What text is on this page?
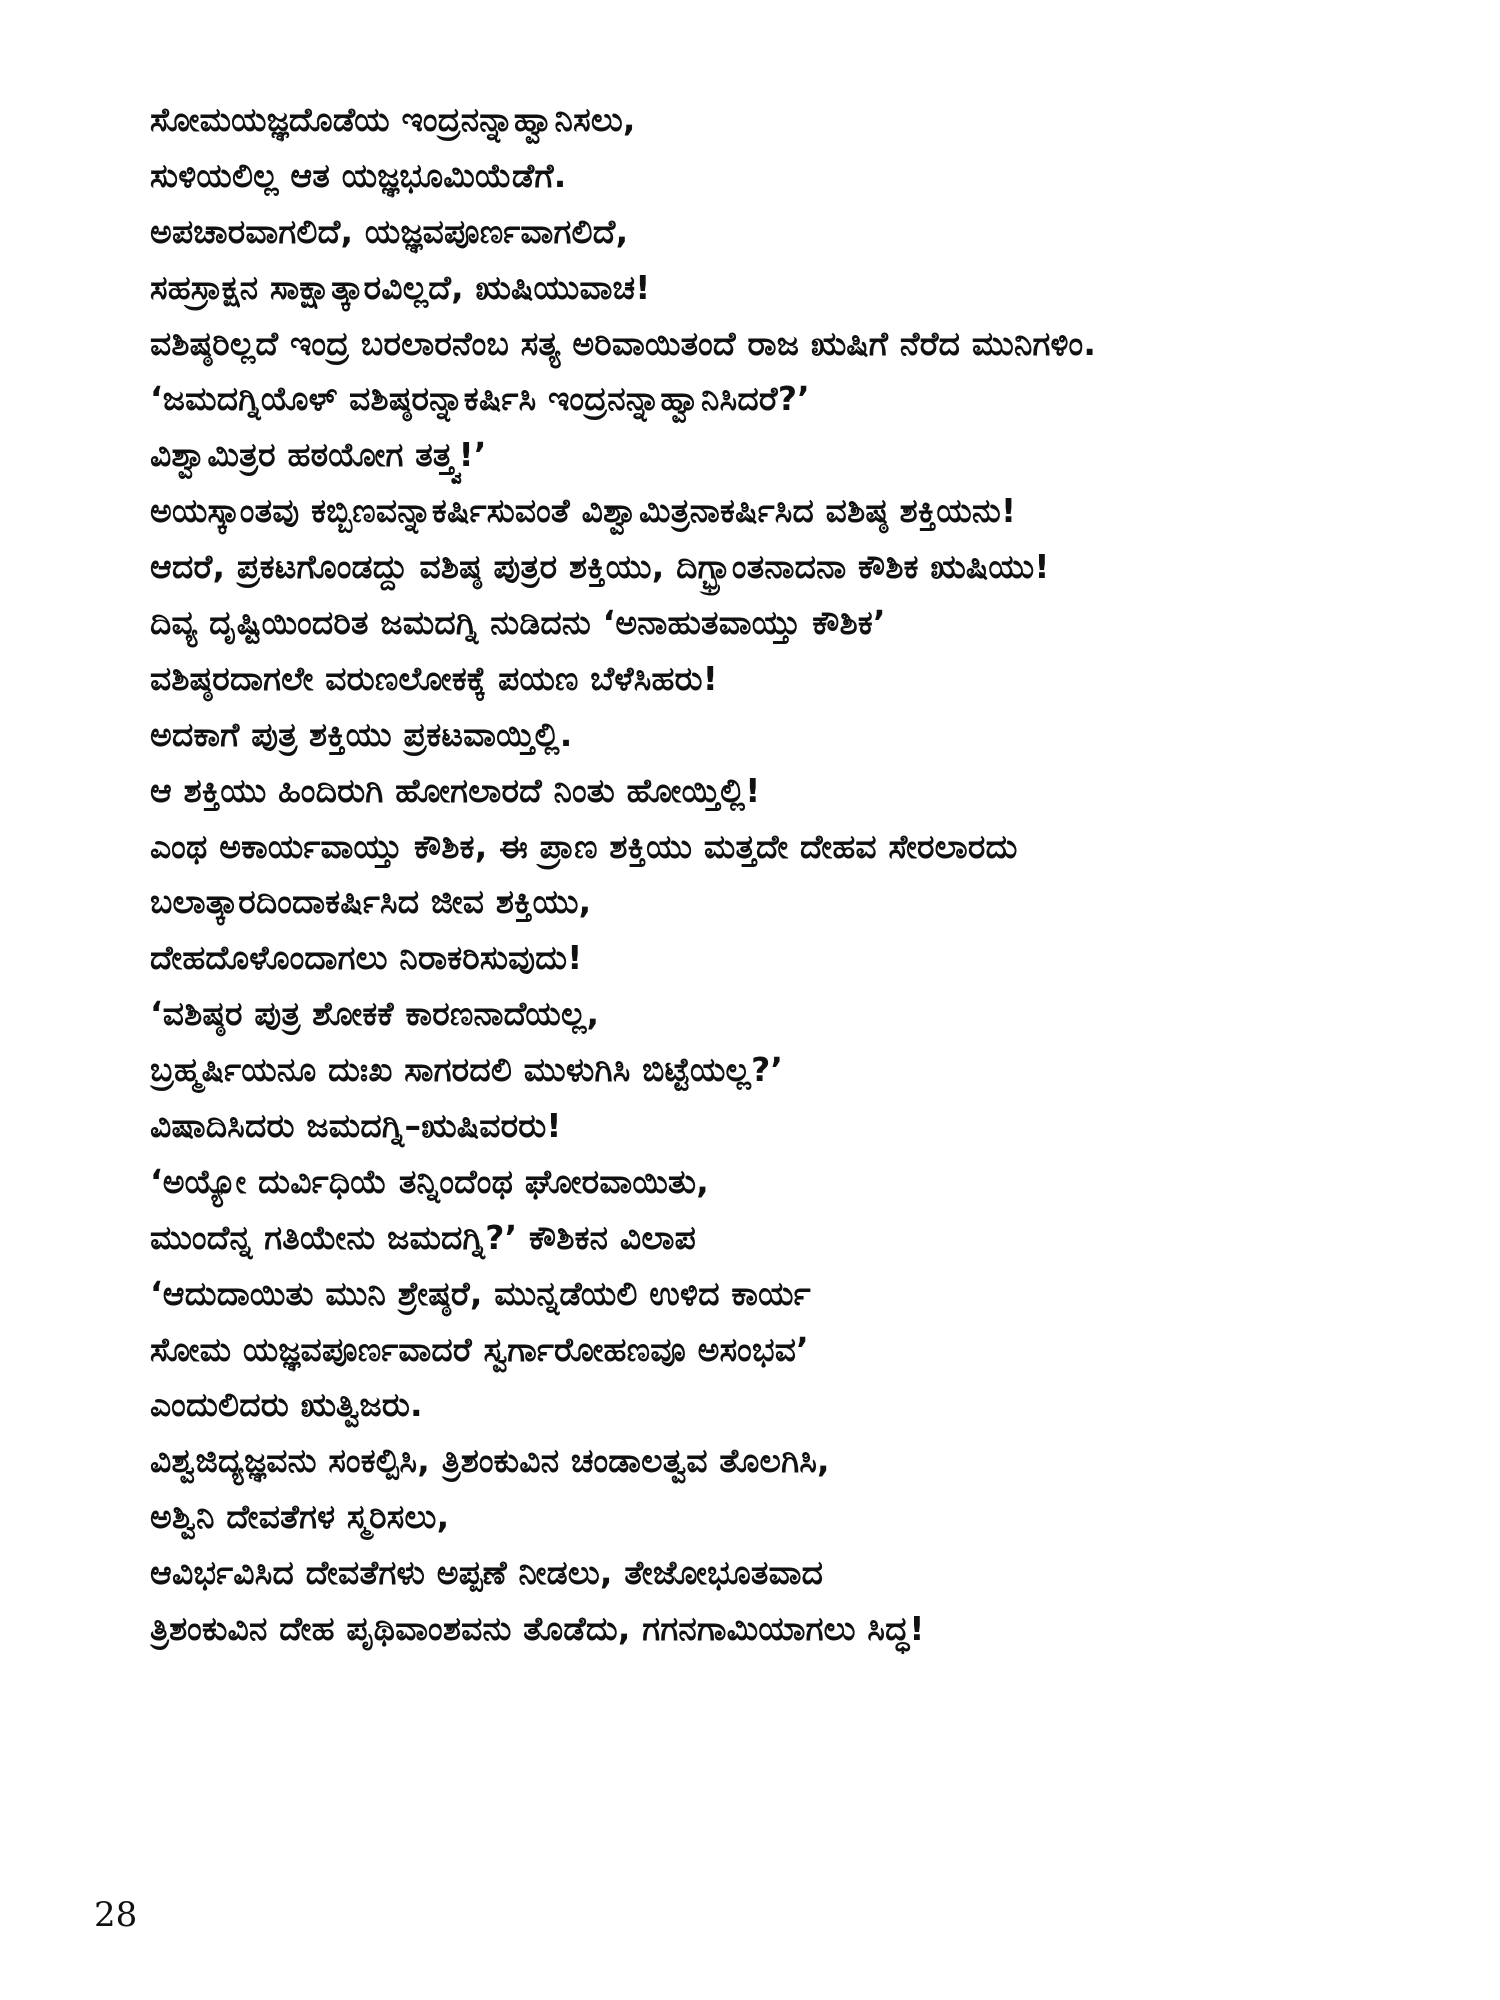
ಸೋಮಯಜ್ಞದೊಡೆಯ ಇಂದ್ರನನ್ನಾಹ್ವಾನಿಸಲು,
ಸುಳಿಯಲಿಲ್ಲ ಆತ ಯಜ್ಞಭೂಮಿಯೆಡೆಗೆ.
ಅಪಚಾರವಾಗಲಿದೆ, ಯಜ್ಞವಪೂರ್ಣವಾಗಲಿದೆ,
ಸಹಸ್ರಾಕ್ಷನ ಸಾಕ್ಷಾತ್ಕಾರವಿಲ್ಲದೆ, ಋಷಿಯುವಾಚ!
ವಶಿಷ್ಠರಿಲ್ಲದೆ ಇಂದ್ರ ಬರಲಾರನೆಂಬ ಸತ್ಯ ಅರಿವಾಯಿತಂದೆ ರಾಜ ಋಷಿಗೆ ನೆರೆದ ಮುನಿಗಳಿಂ.
‘ಜಮದಗ್ನಿಯೊಳ್ ವಶಿಷ್ಠರನ್ನಾಕರ್ಷಿಸಿ ಇಂದ್ರನನ್ನಾಹ್ವಾನಿಸಿದರೆ?’
ವಿಶ್ವಾಮಿತ್ರರ ಹಠಯೋಗ ತತ್ತ್ವ!’
ಅಯಸ್ಕಾಂತವು ಕಬ್ಬಿಣವನ್ನಾಕರ್ಷಿಸುವಂತೆ ವಿಶ್ವಾಮಿತ್ರನಾಕರ್ಷಿಸಿದ ವಶಿಷ್ಠ ಶಕ್ತಿಯನು!
ಆದರೆ, ಪ್ರಕಟಗೊಂಡದ್ದು ವಶಿಷ್ಠ ಪುತ್ರರ ಶಕ್ತಿಯು, ದಿಗ್ಭ್ರಾಂತನಾದನಾ ಕೌಶಿಕ ಋಷಿಯು!
ದಿವ್ಯ ದೃಷ್ಟಿಯಿಂದರಿತ ಜಮದಗ್ನಿ ನುಡಿದನು ‘ಅನಾಹುತವಾಯ್ತು ಕೌಶಿಕ’
ವಶಿಷ್ಠರದಾಗಲೇ ವರುಣಲೋಕಕ್ಕೆ ಪಯಣ ಬೆಳೆಸಿಹರು!
ಅದಕಾಗೆ ಪುತ್ರ ಶಕ್ತಿಯು ಪ್ರಕಟವಾಯ್ತಿಲ್ಲಿ.
ಆ ಶಕ್ತಿಯು ಹಿಂದಿರುಗಿ ಹೋಗಲಾರದೆ ನಿಂತು ಹೋಯ್ತಿಲ್ಲಿ!
ಎಂಥ ಅಕಾರ್ಯವಾಯ್ತು ಕೌಶಿಕ, ಈ ಪ್ರಾಣ ಶಕ್ತಿಯು ಮತ್ತದೇ ದೇಹವ ಸೇರಲಾರದು
ಬಲಾತ್ಕಾರದಿಂದಾಕರ್ಷಿಸಿದ ಜೀವ ಶಕ್ತಿಯು,
ದೇಹದೊಳೊಂದಾಗಲು ನಿರಾಕರಿಸುವುದು!
‘ವಶಿಷ್ಠರ ಪುತ್ರ ಶೋಕಕೆ ಕಾರಣನಾದೆಯಲ್ಲ,
ಬ್ರಹ್ಮರ್ಷಿಯನೂ ದುಃಖ ಸಾಗರದಲಿ ಮುಳುಗಿಸಿ ಬಿಟ್ಟೆಯಲ್ಲ?’
ವಿಷಾದಿಸಿದರು ಜಮದಗ್ನಿ–ಋಷಿವರರು!
‘ಅಯ್ಯೋ ದುರ್ವಿಧಿಯೆ ತನ್ನಿಂದೆಂಥ ಘೋರವಾಯಿತು,
ಮುಂದೆನ್ನ ಗತಿಯೇನು ಜಮದಗ್ನಿ?’ ಕೌಶಿಕನ ವಿಲಾಪ
‘ಆದುದಾಯಿತು ಮುನಿ ಶ್ರೇಷ್ಠರೆ, ಮುನ್ನಡೆಯಲಿ ಉಳಿದ ಕಾರ್ಯ
ಸೋಮ ಯಜ್ಞವಪೂರ್ಣವಾದರೆ ಸ್ವರ್ಗಾರೋಹಣವೂ ಅಸಂಭವ’
ಎಂದುಲಿದರು ಋತ್ವಿಜರು.
ವಿಶ್ವಜಿದ್ಯಜ್ಞವನು ಸಂಕಲ್ಪಿಸಿ, ತ್ರಿಶಂಕುವಿನ ಚಂಡಾಲತ್ವವ ತೊಲಗಿಸಿ,
ಅಶ್ವಿನಿ ದೇವತೆಗಳ ಸ್ಮರಿಸಲು,
ಆವಿರ್ಭವಿಸಿದ ದೇವತೆಗಳು ಅಪ್ಪಣೆ ನೀಡಲು, ತೇಜೋಭೂತವಾದ
ತ್ರಿಶಂಕುವಿನ ದೇಹ ಪೃಥಿವಾಂಶವನು ತೊಡೆದು, ಗಗನಗಾಮಿಯಾಗಲು ಸಿದ್ಧ!
28
